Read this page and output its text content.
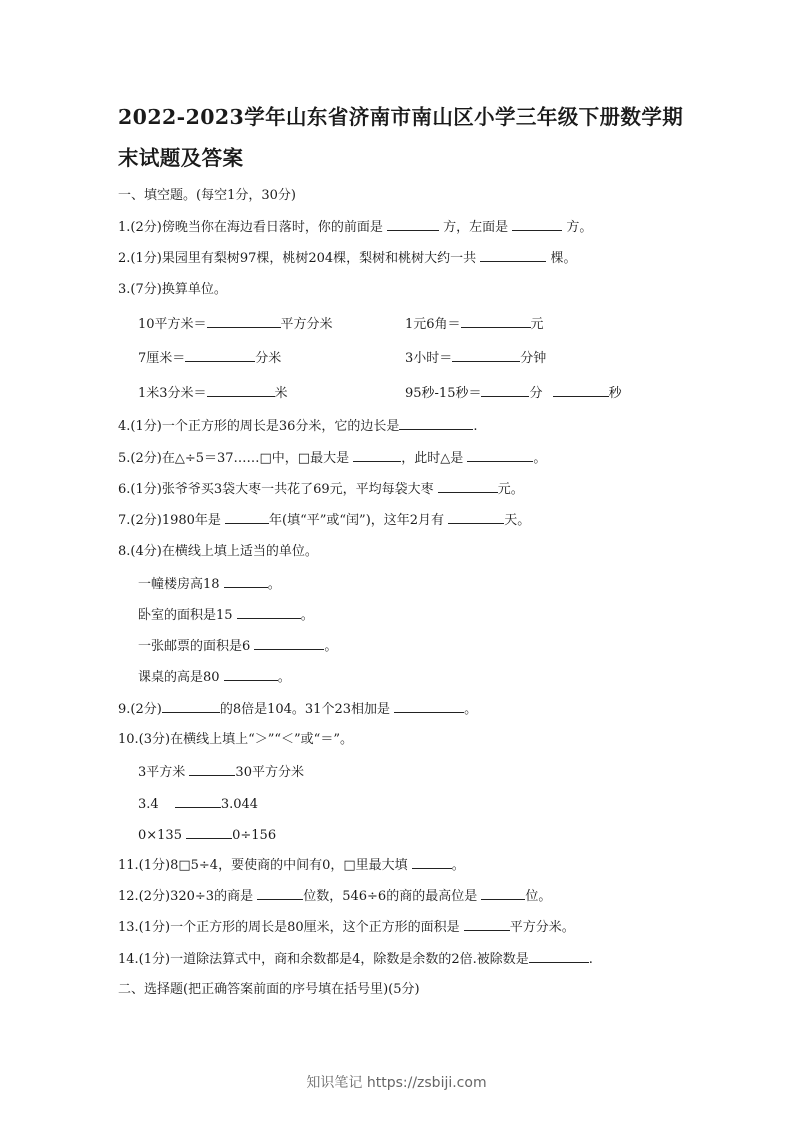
2022-2023学年山东省济南市南山区小学三年级下册数学期
末试题及答案
一、填空题。(每空1分，30分)
1.(2分)傍晚当你在海边看日落时，你的前面是	方，左面是	方。
2.(1分)果园里有梨树97棵，桃树204棵，梨树和桃树大约一共	棵。
3.(7分)换算单位。
10平方米＝	平方分米	1元6角＝	元
7厘米＝	分米	3小时＝	分钟
1米3分米＝	米	95秒-15秒＝	分	秒
4.(1分)一个正方形的周长是36分米，它的边长是	.
5.(2分)在△÷5＝37……□中，□最大是	，此时△是	。
6.(1分)张爷爷买3袋大枣一共花了69元，平均每袋大枣	元。
7.(2分)1980年是	年(填“平”或“闰”)，这年2月有	天。
8.(4分)在横线上填上适当的单位。
一幢楼房高18	。
卧室的面积是15	。
一张邮票的面积是6	。
课桌的高是80	。
9.(2分)	的8倍是104。31个23相加是	。
10.(3分)在横线上填上“＞”“＜”或“＝”。
3平方米	30平方分米
3.4	3.044
0×135	0÷156
11.(1分)8□5÷4，要使商的中间有0，□里最大填	。
12.(2分)320÷3的商是	位数，546÷6的商的最高位是	位。
13.(1分)一个正方形的周长是80厘米，这个正方形的面积是	平方分米。
14.(1分)一道除法算式中，商和余数都是4，除数是余数的2倍.被除数是	.
二、选择题(把正确答案前面的序号填在括号里)(5分)
知识笔记 https://zsbiji.com
